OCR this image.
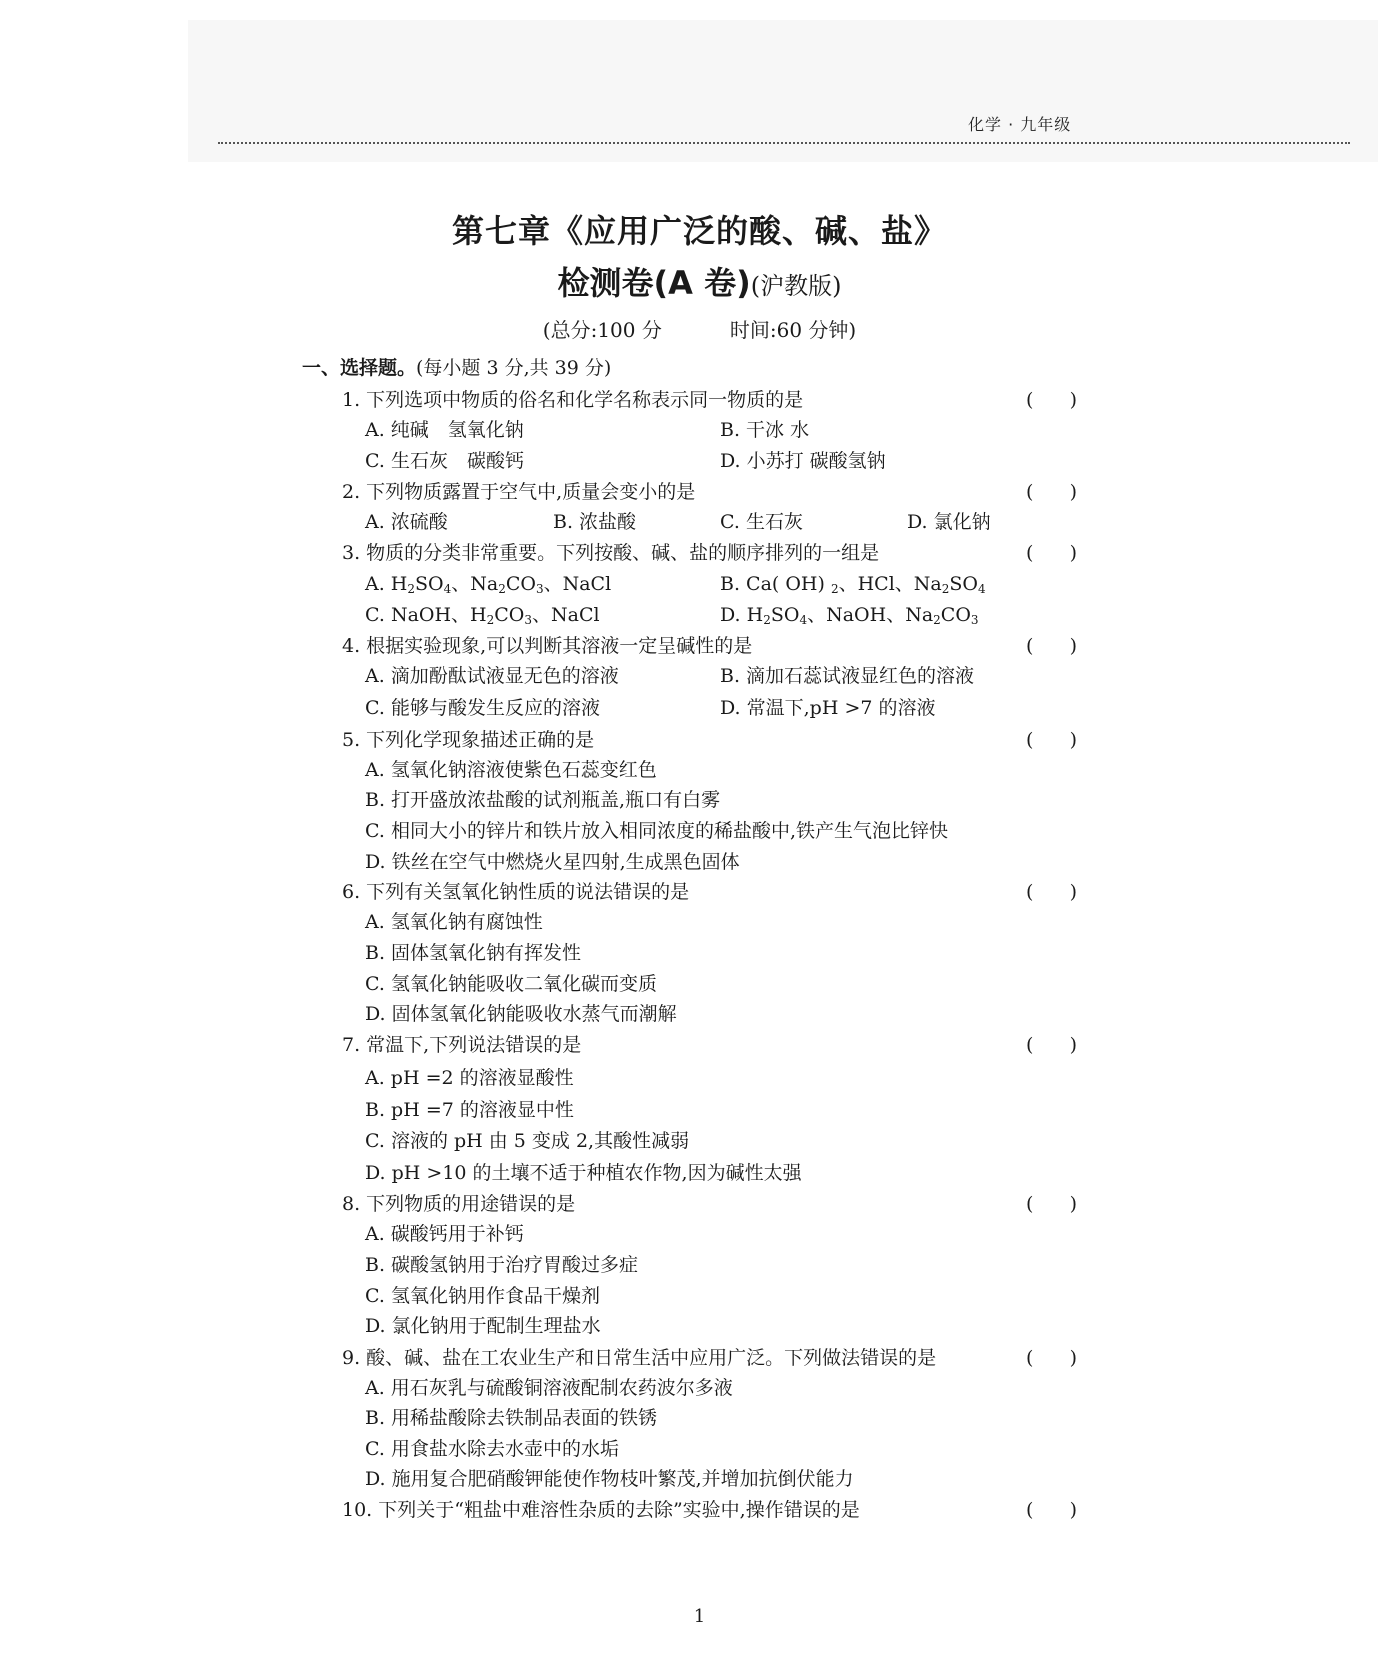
化学 · 九年级
第七章《应用广泛的酸、碱、盐》
检测卷(A 卷)(沪教版)
(总分:100 分	时间:60 分钟)
一、选择题。(每小题 3 分,共 39 分)
1. 下列选项中物质的俗名和化学名称表示同一物质的是	(      )
A. 纯碱　氢氧化钠	B. 干冰 水
C. 生石灰　碳酸钙	D. 小苏打 碳酸氢钠
2. 下列物质露置于空气中,质量会变小的是	(      )
A. 浓硫酸	B. 浓盐酸	C. 生石灰	D. 氯化钠
3. 物质的分类非常重要。下列按酸、碱、盐的顺序排列的一组是	(      )
A. $H_2SO_4$、$Na_2CO_3$、NaCl	B. Ca( OH) $_2$、HCl、$Na_2SO_4$
C. NaOH、$H_2CO_3$、NaCl	D. $H_2SO_4$、NaOH、$Na_2CO_3$
4. 根据实验现象,可以判断其溶液一定呈碱性的是	(      )
A. 滴加酚酞试液显无色的溶液	B. 滴加石蕊试液显红色的溶液
C. 能够与酸发生反应的溶液	D. 常温下,pH >7 的溶液
5. 下列化学现象描述正确的是	(      )
A. 氢氧化钠溶液使紫色石蕊变红色
B. 打开盛放浓盐酸的试剂瓶盖,瓶口有白雾
C. 相同大小的锌片和铁片放入相同浓度的稀盐酸中,铁产生气泡比锌快
D. 铁丝在空气中燃烧火星四射,生成黑色固体
6. 下列有关氢氧化钠性质的说法错误的是	(      )
A. 氢氧化钠有腐蚀性
B. 固体氢氧化钠有挥发性
C. 氢氧化钠能吸收二氧化碳而变质
D. 固体氢氧化钠能吸收水蒸气而潮解
7. 常温下,下列说法错误的是	(      )
A. pH =2 的溶液显酸性
B. pH =7 的溶液显中性
C. 溶液的 pH 由 5 变成 2,其酸性减弱
D. pH >10 的土壤不适于种植农作物,因为碱性太强
8. 下列物质的用途错误的是	(      )
A. 碳酸钙用于补钙
B. 碳酸氢钠用于治疗胃酸过多症
C. 氢氧化钠用作食品干燥剂
D. 氯化钠用于配制生理盐水
9. 酸、碱、盐在工农业生产和日常生活中应用广泛。下列做法错误的是	(      )
A. 用石灰乳与硫酸铜溶液配制农药波尔多液
B. 用稀盐酸除去铁制品表面的铁锈
C. 用食盐水除去水壶中的水垢
D. 施用复合肥硝酸钾能使作物枝叶繁茂,并增加抗倒伏能力
10. 下列关于“粗盐中难溶性杂质的去除”实验中,操作错误的是	(      )
1
